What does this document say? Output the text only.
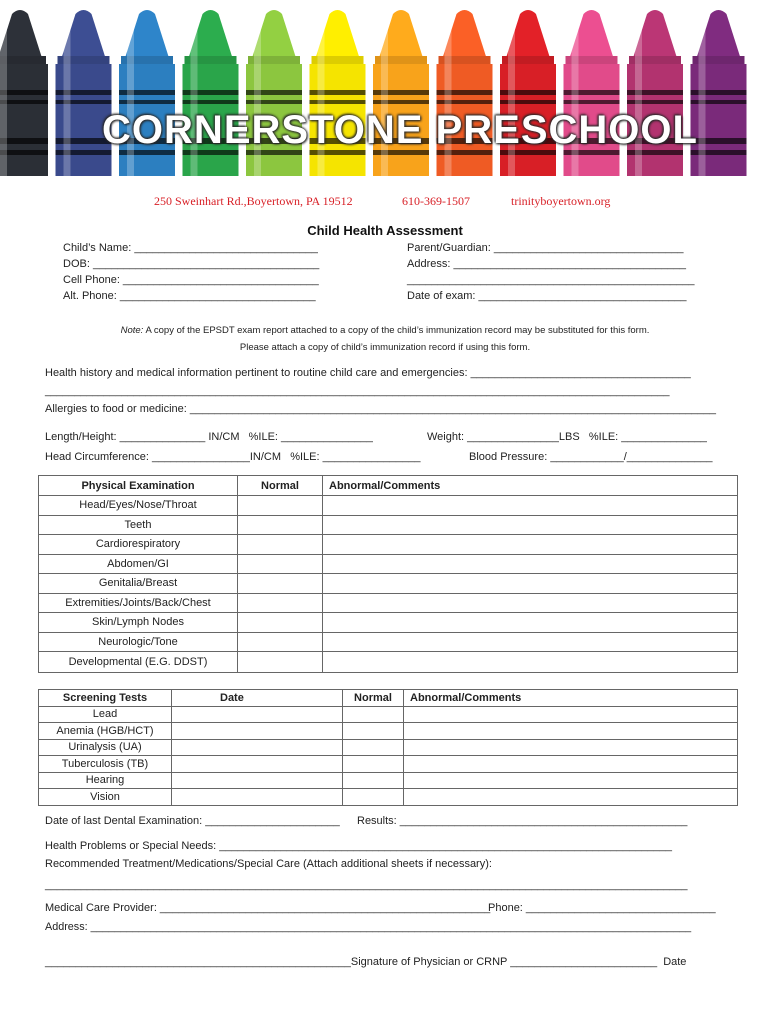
CORNERSTONE PRESCHOOL
250 Sweinhart Rd.,Boyertown, PA 19512	610-369-1507	trinityboyertown.org
Child Health Assessment
Child’s Name: ______________________________
DOB: _____________________________________
Cell Phone: ________________________________
Alt. Phone: ________________________________
Parent/Guardian: _______________________________
Address: ______________________________________
_______________________________________________
Date of exam: __________________________________
Note: A copy of the EPSDT exam report attached to a copy of the child’s immunization record may be substituted for this form.
Please attach a copy of child’s immunization record if using this form.
Health history and medical information pertinent to routine child care and emergencies: ____________________________________
__________________________________________________________________________________________________________
Allergies to food or medicine: ______________________________________________________________________________________
Length/Height: ______________ IN/CM   %ILE: _______________	Weight: _______________LBS   %ILE: ______________
Head Circumference: ________________IN/CM   %ILE: ________________	Blood Pressure: ____________/______________
Physical Examination	Normal	Abnormal/Comments
Head/Eyes/Nose/Throat		
Teeth		
Cardiorespiratory		
Abdomen/GI		
Genitalia/Breast		
Extremities/Joints/Back/Chest		
Skin/Lymph Nodes		
Neurologic/Tone		
Developmental (E.G. DDST)		
Screening Tests	Date	Normal	Abnormal/Comments
Lead			
Anemia (HGB/HCT)			
Urinalysis (UA)			
Tuberculosis (TB)			
Hearing			
Vision			
Date of last Dental Examination: ______________________ Results: _______________________________________________
Health Problems or Special Needs: __________________________________________________________________________
Recommended Treatment/Medications/Special Care (Attach additional sheets if necessary):
___________________________________________________________________________________________________________
Medical Care Provider: ______________________________________________________
Phone: _______________________________
Address: ____________________________________________________________________________________________________
__________________________________________________Signature of Physician or CRNP ________________________  Date
